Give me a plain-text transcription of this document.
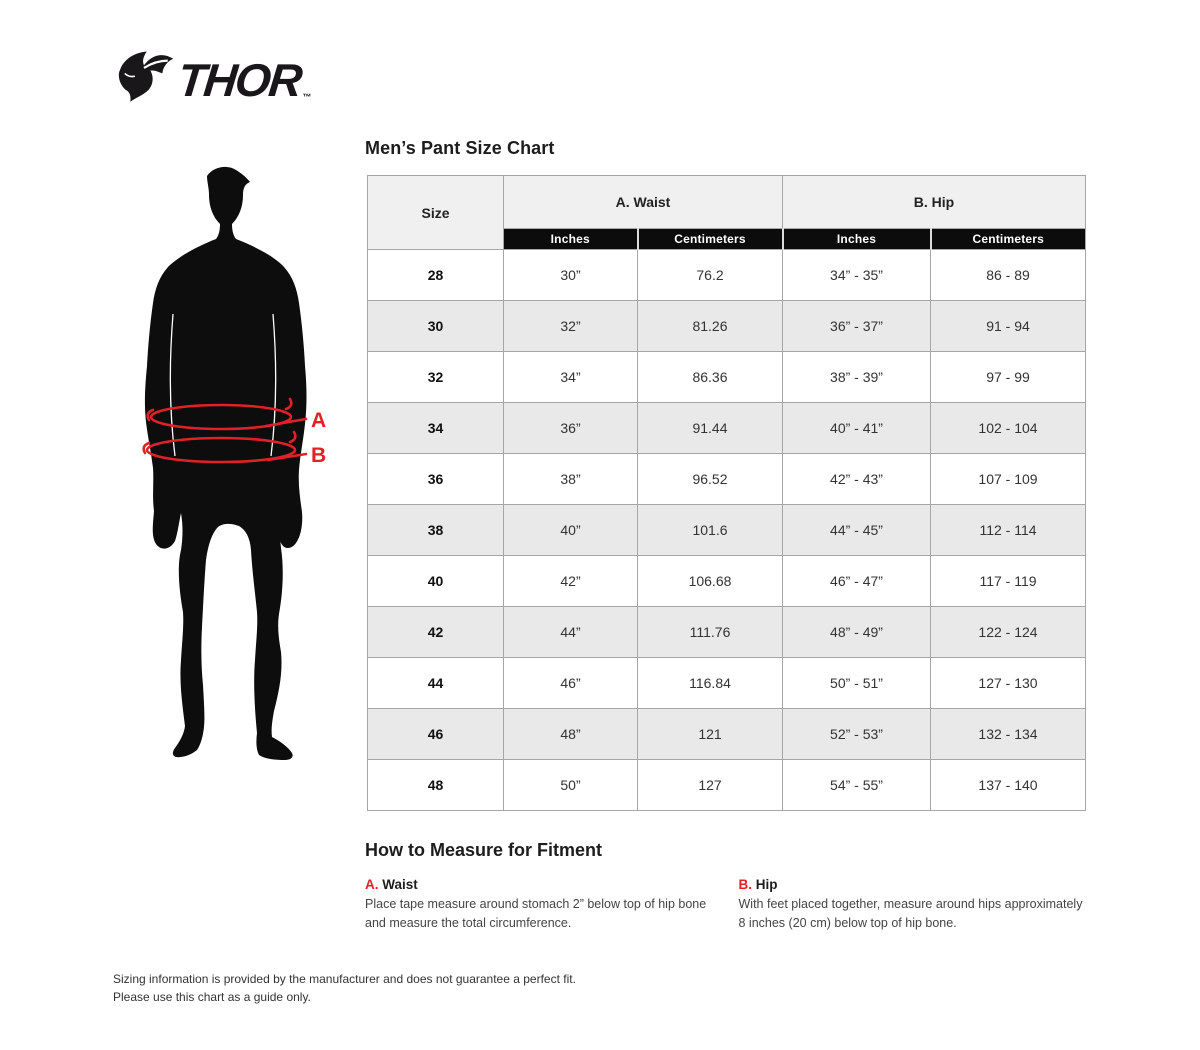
THOR ™
A
B
Men’s Pant Size Chart
Size	A. Waist		B. Hip	
	Inches	Centimeters	Inches	Centimeters
28	30”	76.2	34” - 35”	86 - 89
30	32”	81.26	36” - 37”	91 - 94
32	34”	86.36	38” - 39”	97 - 99
34	36”	91.44	40” - 41”	102 - 104
36	38”	96.52	42” - 43”	107 - 109
38	40”	101.6	44” - 45”	112 - 114
40	42”	106.68	46” - 47”	117 - 119
42	44”	111.76	48” - 49”	122 - 124
44	46”	116.84	50” - 51”	127 - 130
46	48”	121	52” - 53”	132 - 134
48	50”	127	54” - 55”	137 - 140
How to Measure for Fitment
A. Waist
Place tape measure around stomach 2” below top of hip bone and measure the total circumference.
B. Hip
With feet placed together, measure around hips approximately 8 inches (20 cm) below top of hip bone.
Sizing information is provided by the manufacturer and does not guarantee a perfect fit.
Please use this chart as a guide only.
